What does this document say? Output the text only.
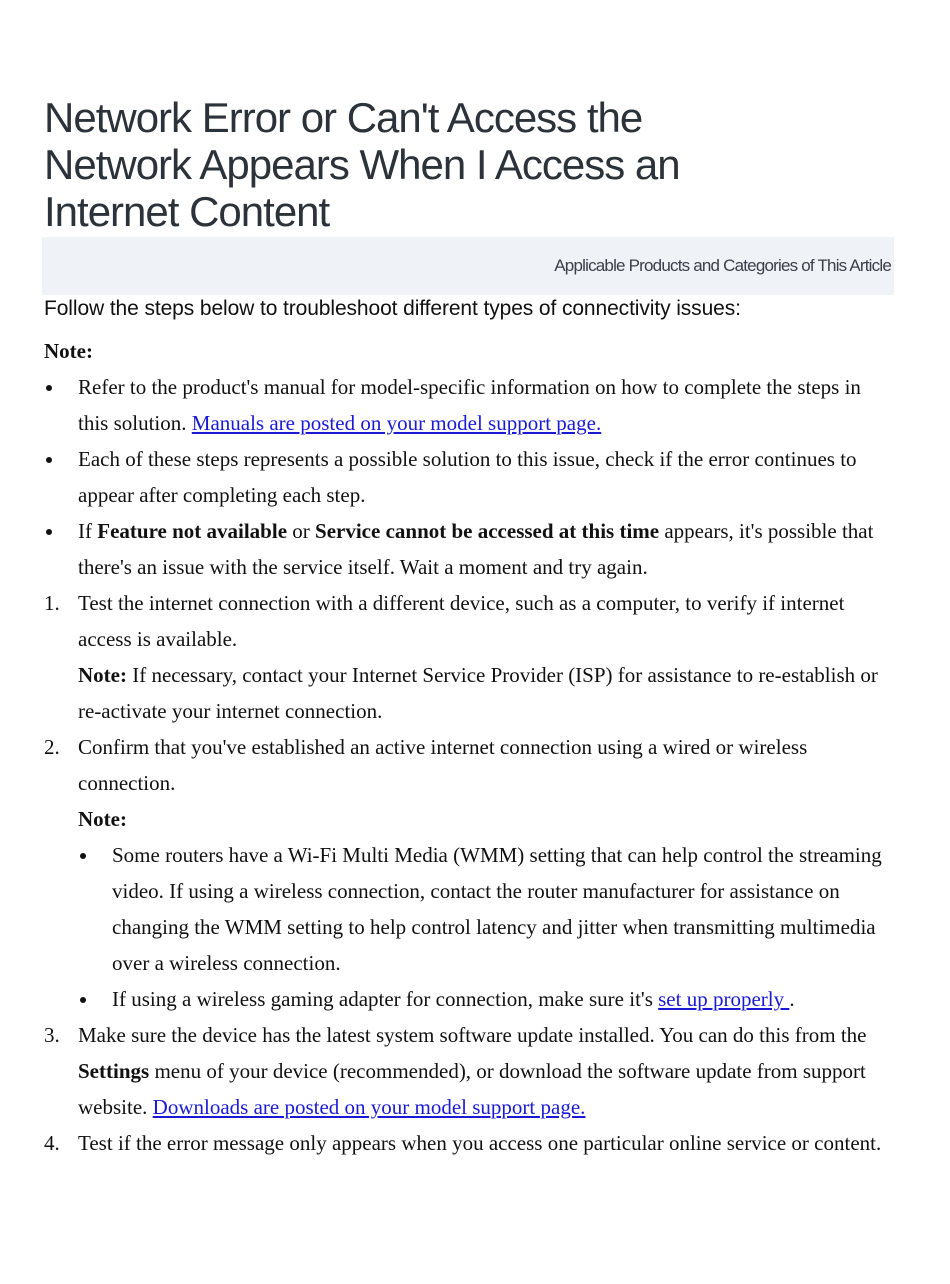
Network Error or Can't Access the Network Appears When I Access an Internet Content
Applicable Products and Categories of This Article

Follow the steps below to troubleshoot different types of connectivity issues:

Note:

Refer to the product's manual for model-specific information on how to complete the steps in this solution. Manuals are posted on your model support page.
Each of these steps represents a possible solution to this issue, check if the error continues to appear after completing each step.
If Feature not available or Service cannot be accessed at this time appears, it's possible that there's an issue with the service itself. Wait a moment and try again.
1. Test the internet connection with a different device, such as a computer, to verify if internet access is available.

Note: If necessary, contact your Internet Service Provider (ISP) for assistance to re-establish or re-activate your internet connection.

2. Confirm that you've established an active internet connection using a wired or wireless connection.

Note:

Some routers have a Wi-Fi Multi Media (WMM) setting that can help control the streaming video. If using a wireless connection, contact the router manufacturer for assistance on changing the WMM setting to help control latency and jitter when transmitting multimedia over a wireless connection.
If using a wireless gaming adapter for connection, make sure it's set up properly .
3. Make sure the device has the latest system software update installed. You can do this from the Settings menu of your device (recommended), or download the software update from support website. Downloads are posted on your model support page.
4. Test if the error message only appears when you access one particular online service or content.
